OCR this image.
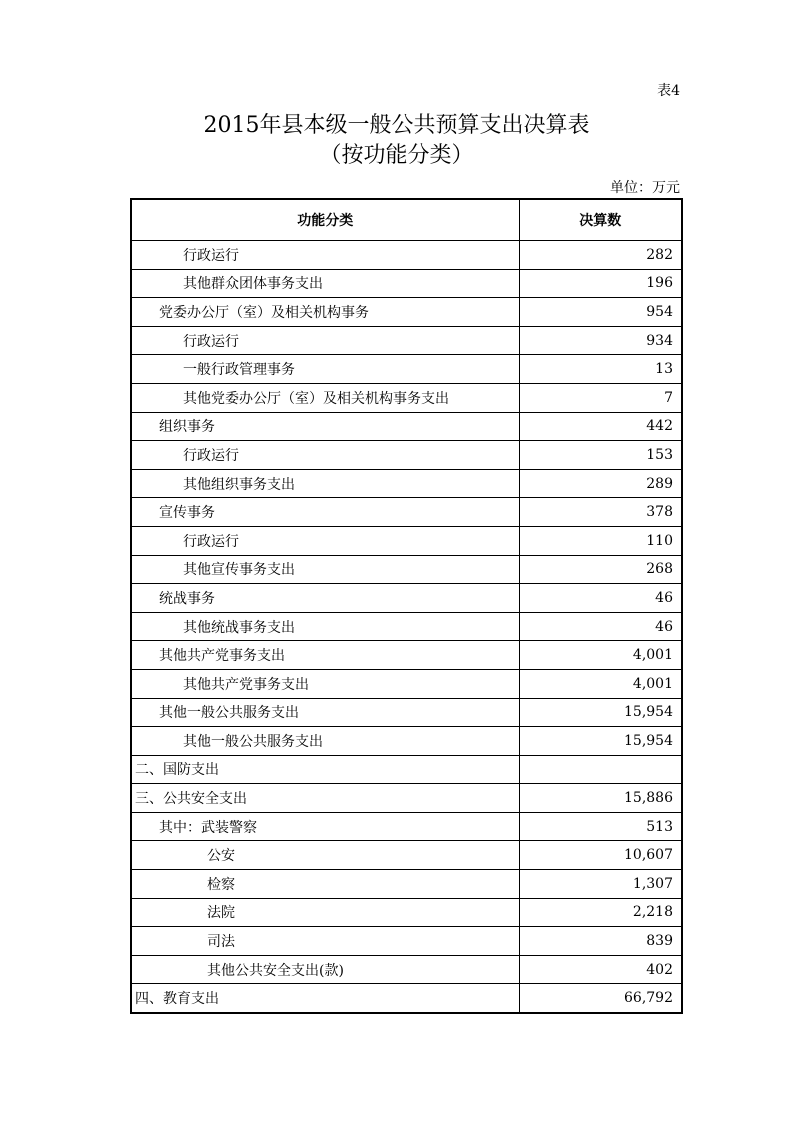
表4
2015年县本级一般公共预算支出决算表
（按功能分类）
单位：万元
功能分类	决算数
行政运行	282
其他群众团体事务支出	196
党委办公厅（室）及相关机构事务	954
行政运行	934
一般行政管理事务	13
其他党委办公厅（室）及相关机构事务支出	7
组织事务	442
行政运行	153
其他组织事务支出	289
宣传事务	378
行政运行	110
其他宣传事务支出	268
统战事务	46
其他统战事务支出	46
其他共产党事务支出	4,001
其他共产党事务支出	4,001
其他一般公共服务支出	15,954
其他一般公共服务支出	15,954
二、国防支出	
三、公共安全支出	15,886
其中：武装警察	513
公安	10,607
检察	1,307
法院	2,218
司法	839
其他公共安全支出(款)	402
四、教育支出	66,792
